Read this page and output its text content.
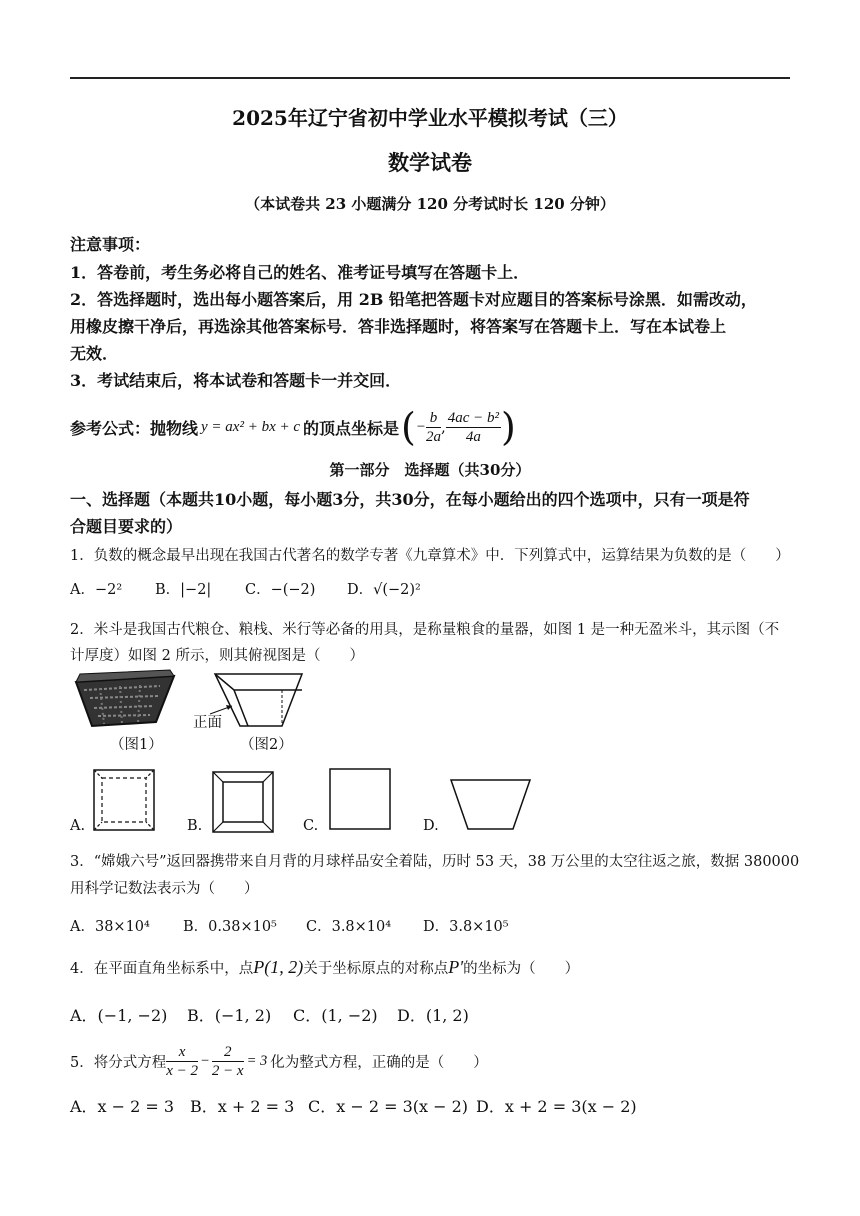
2025年辽宁省初中学业水平模拟考试（三）
数学试卷
（本试卷共 23 小题满分 120 分考试时长 120 分钟）
注意事项：
1．答卷前，考生务必将自己的姓名、准考证号填写在答题卡上．
2．答选择题时，选出每小题答案后，用 2B 铅笔把答题卡对应题目的答案标号涂黑．如需改动，
用橡皮擦干净后，再选涂其他答案标号．答非选择题时，将答案写在答题卡上．写在本试卷上
无效．
3．考试结束后，将本试卷和答题卡一并交回．
参考公式：抛物线 y = ax² + bx + c 的顶点坐标是 ( − $\frac{b}{2a}$ , $\frac{\text{4ac − b²}}{4a}$ )
第一部分　选择题（共30分）
一、选择题（本题共10小题，每小题3分，共30分，在每小题给出的四个选项中，只有一项是符
合题目要求的）
1．负数的概念最早出现在我国古代著名的数学专著《九章算术》中．下列算式中，运算结果为负数的是（　　）
A．−2² B．|−2| C．−(−2) D．√(−2)²
2．米斗是我国古代粮仓、粮栈、米行等必备的用具，是称量粮食的量器，如图 1 是一种无盈米斗，其示图（不
计厚度）如图 2 所示，则其俯视图是（　　）
（图1）
正面
（图2）
A.	B.	C.	D.
3．“嫦娥六号”返回器携带来自月背的月球样品安全着陆，历时 53 天，38 万公里的太空往返之旅，数据 380000
用科学记数法表示为（　　）
A．38×10⁴ B．0.38×10⁵ C．3.8×10⁴ D．3.8×10⁵
4．在平面直角坐标系中，点 P(1, 2) 关于坐标原点的对称点 P′ 的坐标为（　　）
A．(−1, −2) B．(−1, 2) C．(1, −2) D．(1, 2)
5．将分式方程 $\frac{x}{x - 2} - \frac{2}{2 - x} = 3$ 化为整式方程，正确的是（　　）
A．x − 2 = 3 B．x + 2 = 3 C．x − 2 = 3(x − 2) D．x + 2 = 3(x − 2)
